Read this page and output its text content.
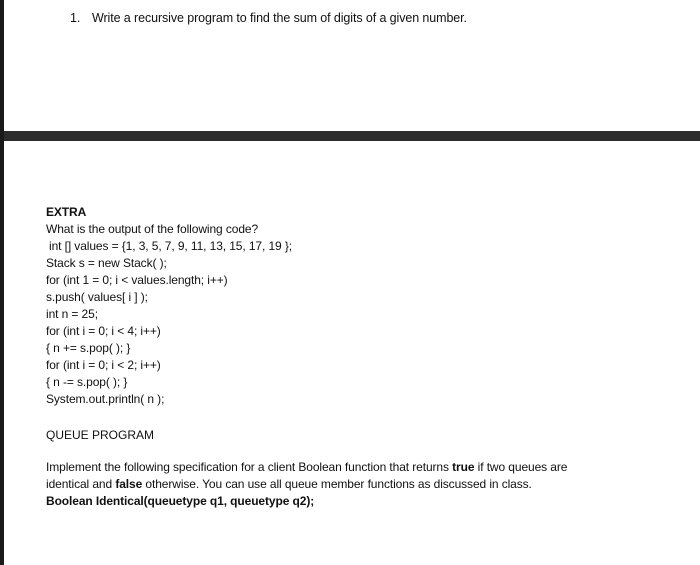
1. Write a recursive program to find the sum of digits of a given number.
EXTRA
What is the output of the following code?
int [] values = {1, 3, 5, 7, 9, 11, 13, 15, 17, 19 };
Stack s = new Stack( );
for (int 1 = 0; i < values.length; i++)
s.push( values[ i ] );
int n = 25;
for (int i = 0; i < 4; i++)
{ n += s.pop( ); }
for (int i = 0; i < 2; i++)
{ n -= s.pop( ); }
System.out.println( n );
QUEUE PROGRAM
Implement the following specification for a client Boolean function that returns true if two queues are
identical and false otherwise. You can use all queue member functions as discussed in class.
Boolean Identical(queuetype q1, queuetype q2);
